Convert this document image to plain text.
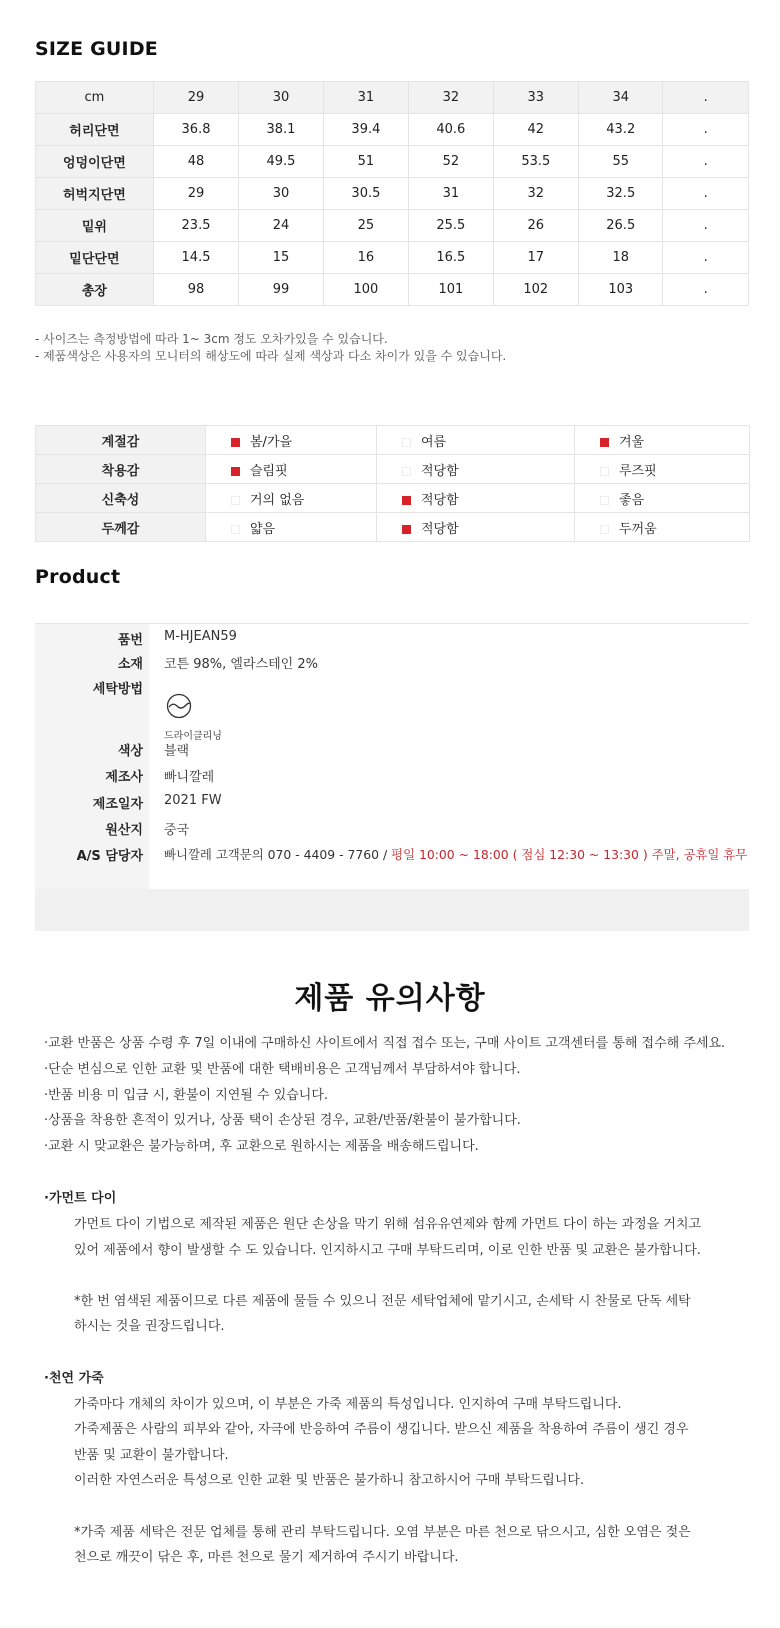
SIZE GUIDE
cm	29	30	31	32	33	34	.
허리단면	36.8	38.1	39.4	40.6	42	43.2	.
엉덩이단면	48	49.5	51	52	53.5	55	.
허벅지단면	29	30	30.5	31	32	32.5	.
밑위	23.5	24	25	25.5	26	26.5	.
밑단단면	14.5	15	16	16.5	17	18	.
총장	98	99	100	101	102	103	.
- 사이즈는 측정방법에 따라 1~ 3cm 정도 오차가있을 수 있습니다.
- 제품색상은 사용자의 모니터의 해상도에 따라 실제 색상과 다소 차이가 있을 수 있습니다.
계절감	봄/가을	여름	겨울
착용감	슬림핏	적당함	루즈핏
신축성	거의 없음	적당함	좋음
두께감	얇음	적당함	두꺼움
Product
품번 M-HJEAN59
소재 코튼 98%, 엘라스테인 2%
세탁방법
드라이클리닝
색상 블랙
제조사 빠니깔레
제조일자 2021 FW
원산지 중국
A/S 담당자 빠니깔레 고객문의 070 - 4409 - 7760 / 평일 10:00 ~ 18:00 ( 점심 12:30 ~ 13:30 ) 주말, 공휴일 휴무
제품 유의사항
·교환 반품은 상품 수령 후 7일 이내에 구매하신 사이트에서 직접 접수 또는, 구매 사이트 고객센터를 통해 접수해 주세요.
·단순 변심으로 인한 교환 및 반품에 대한 택배비용은 고객님께서 부담하셔야 합니다.
·반품 비용 미 입금 시, 환불이 지연될 수 있습니다.
·상품을 착용한 흔적이 있거나, 상품 택이 손상된 경우, 교환/반품/환불이 불가합니다.
·교환 시 맞교환은 불가능하며, 후 교환으로 원하시는 제품을 배송해드립니다.
·가먼트 다이
가먼트 다이 기법으로 제작된 제품은 원단 손상을 막기 위해 섬유유연제와 함께 가먼트 다이 하는 과정을 거치고
있어 제품에서 향이 발생할 수 도 있습니다. 인지하시고 구매 부탁드리며, 이로 인한 반품 및 교환은 불가합니다.
*한 번 염색된 제품이므로 다른 제품에 물들 수 있으니 전문 세탁업체에 맡기시고, 손세탁 시 찬물로 단독 세탁
하시는 것을 권장드립니다.
·천연 가죽
가죽마다 개체의 차이가 있으며, 이 부분은 가죽 제품의 특성입니다. 인지하여 구매 부탁드립니다.
가죽제품은 사람의 피부와 같아, 자극에 반응하여 주름이 생깁니다. 받으신 제품을 착용하여 주름이 생긴 경우
반품 및 교환이 불가합니다.
이러한 자연스러운 특성으로 인한 교환 및 반품은 불가하니 참고하시어 구매 부탁드립니다.
*가죽 제품 세탁은 전문 업체를 통해 관리 부탁드립니다. 오염 부분은 마른 천으로 닦으시고, 심한 오염은 젖은
천으로 깨끗이 닦은 후, 마른 천으로 물기 제거하여 주시기 바랍니다.
